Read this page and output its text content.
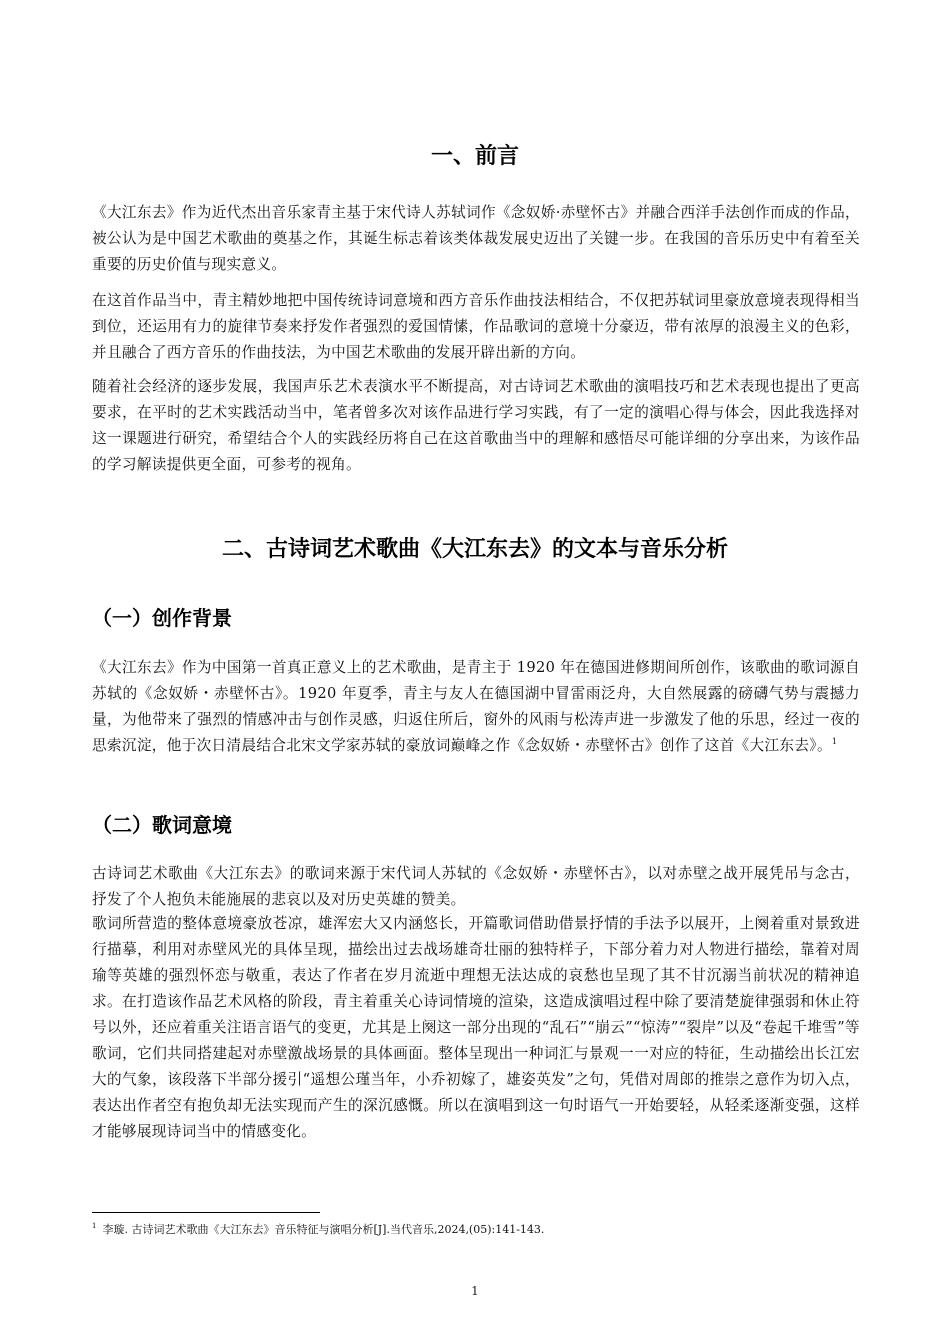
一、前言

《大江东去》作为近代杰出音乐家青主基于宋代诗人苏轼词作《念奴娇·赤壁怀古》并融合西洋手法创作而成的作品，被公认为是中国艺术歌曲的奠基之作，其诞生标志着该类体裁发展史迈出了关键一步。在我国的音乐历史中有着至关重要的历史价值与现实意义。

在这首作品当中，青主精妙地把中国传统诗词意境和西方音乐作曲技法相结合，不仅把苏轼词里豪放意境表现得相当到位，还运用有力的旋律节奏来抒发作者强烈的爱国情愫，作品歌词的意境十分豪迈，带有浓厚的浪漫主义的色彩，并且融合了西方音乐的作曲技法，为中国艺术歌曲的发展开辟出新的方向。

随着社会经济的逐步发展，我国声乐艺术表演水平不断提高，对古诗词艺术歌曲的演唱技巧和艺术表现也提出了更高要求，在平时的艺术实践活动当中，笔者曾多次对该作品进行学习实践，有了一定的演唱心得与体会，因此我选择对这一课题进行研究，希望结合个人的实践经历将自己在这首歌曲当中的理解和感悟尽可能详细的分享出来，为该作品的学习解读提供更全面，可参考的视角。

二、古诗词艺术歌曲《大江东去》的文本与音乐分析
（一）创作背景

《大江东去》作为中国第一首真正意义上的艺术歌曲，是青主于 1920 年在德国进修期间所创作，该歌曲的歌词源自苏轼的《念奴娇・赤壁怀古》。1920 年夏季，青主与友人在德国湖中冒雷雨泛舟，大自然展露的磅礴气势与震撼力量，为他带来了强烈的情感冲击与创作灵感，归返住所后，窗外的风雨与松涛声进一步激发了他的乐思，经过一夜的思索沉淀，他于次日清晨结合北宋文学家苏轼的豪放词巅峰之作《念奴娇・赤壁怀古》创作了这首《大江东去》。$^1$

（二）歌词意境

古诗词艺术歌曲《大江东去》的歌词来源于宋代词人苏轼的《念奴娇・赤壁怀古》，以对赤壁之战开展凭吊与念古，抒发了个人抱负未能施展的悲哀以及对历史英雄的赞美。

歌词所营造的整体意境豪放苍凉，雄浑宏大又内涵悠长，开篇歌词借助借景抒情的手法予以展开，上阕着重对景致进行描摹，利用对赤壁风光的具体呈现，描绘出过去战场雄奇壮丽的独特样子，下部分着力对人物进行描绘，靠着对周瑜等英雄的强烈怀恋与敬重，表达了作者在岁月流逝中理想无法达成的哀愁也呈现了其不甘沉溺当前状况的精神追求。在打造该作品艺术风格的阶段，青主着重关心诗词情境的渲染，这造成演唱过程中除了要清楚旋律强弱和休止符号以外，还应着重关注语言语气的变更，尤其是上阕这一部分出现的“乱石”“崩云”“惊涛”“裂岸”以及“卷起千堆雪”等歌词，它们共同搭建起对赤壁激战场景的具体画面。整体呈现出一种词汇与景观一一对应的特征，生动描绘出长江宏大的气象，该段落下半部分援引“遥想公瑾当年，小乔初嫁了，雄姿英发”之句，凭借对周郎的推崇之意作为切入点，表达出作者空有抱负却无法实现而产生的深沉感慨。所以在演唱到这一句时语气一开始要轻，从轻柔逐渐变强，这样才能够展现诗词当中的情感变化。

$^1$ 李璇. 古诗词艺术歌曲《大江东去》音乐特征与演唱分析[J].当代音乐,2024,(05):141-143.
1
